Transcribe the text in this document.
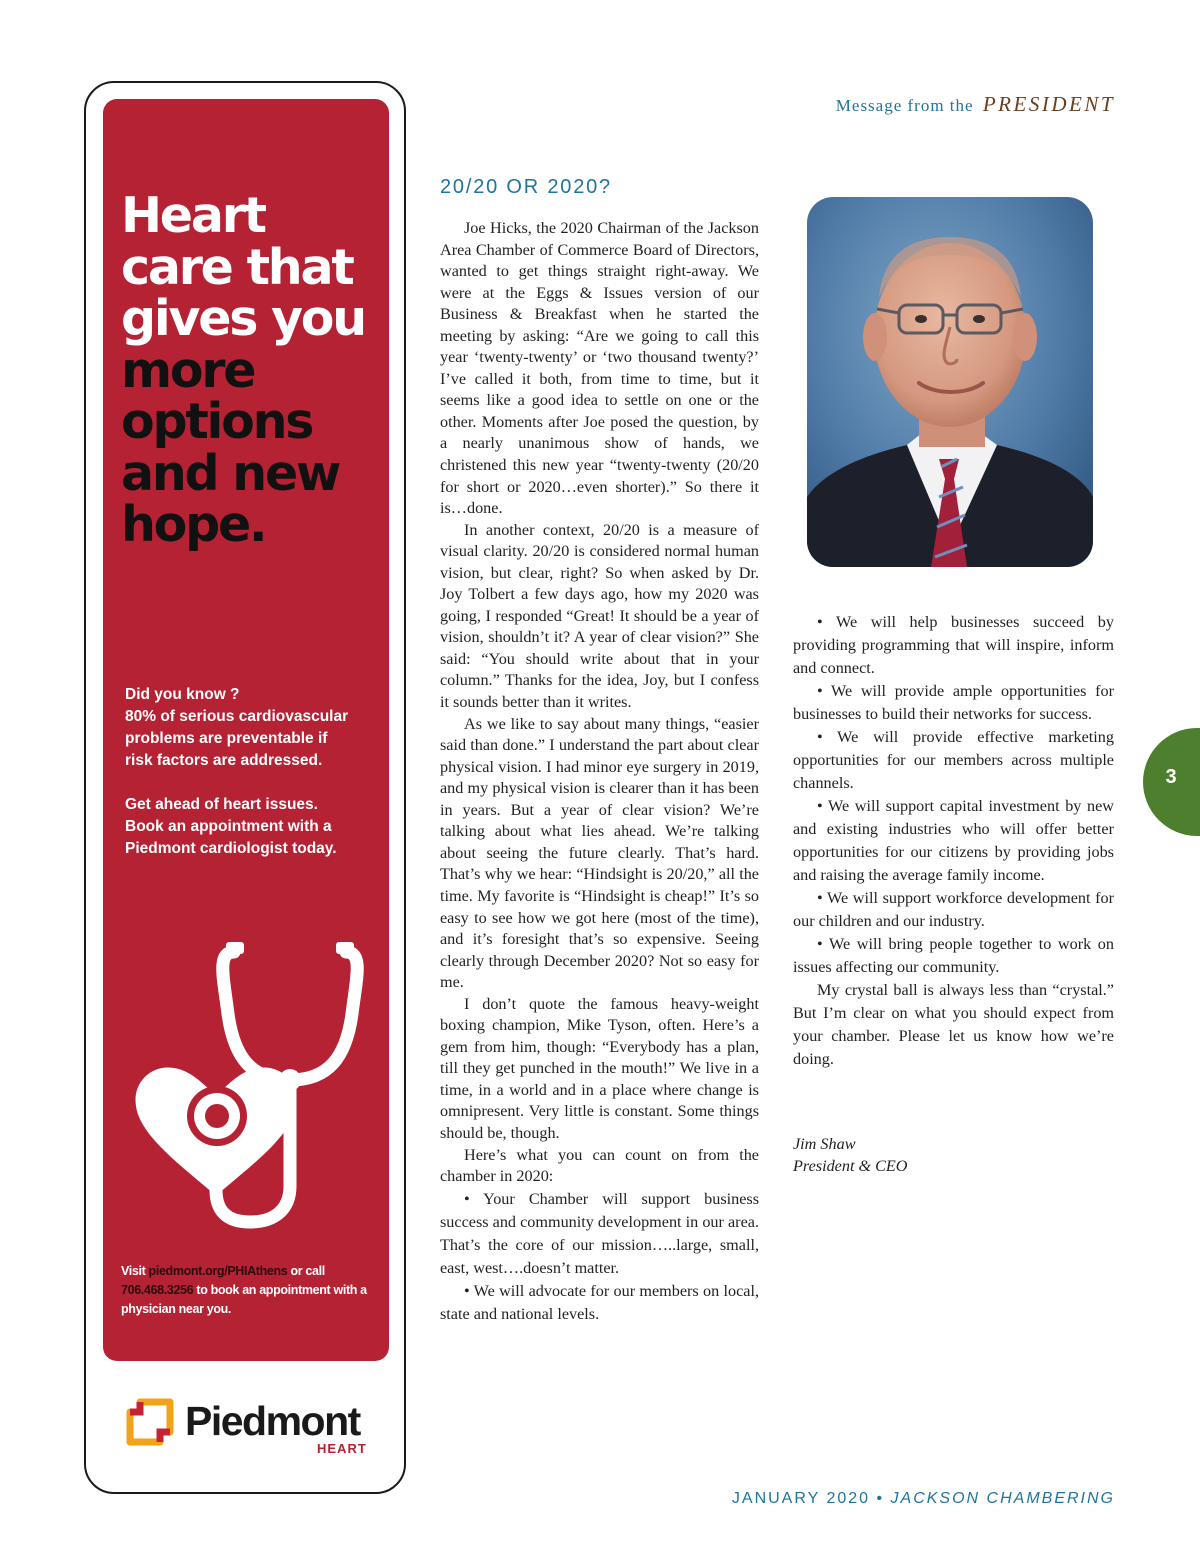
Message from the PRESIDENT
Heart
care that
gives you
more
options
and new
hope.

Did you know ?
80% of serious cardiovascular
problems are preventable if
risk factors are addressed.

Get ahead of heart issues.
Book an appointment with a
Piedmont cardiologist today.

Visit piedmont.org/PHIAthens or call 706.468.3256 to book an appointment with a physician near you.
Piedmont
HEART
20/20 OR 2020?

Joe Hicks, the 2020 Chairman of the Jackson Area Chamber of Commerce Board of Directors, wanted to get things straight right-away. We were at the Eggs & Issues version of our Business & Breakfast when he started the meeting by asking: “Are we going to call this year ‘twenty-twenty’ or ‘two thousand twenty?’ I’ve called it both, from time to time, but it seems like a good idea to settle on one or the other. Moments after Joe posed the question, by a nearly unanimous show of hands, we christened this new year “twenty-twenty (20/20 for short or 2020…even shorter).” So there it is…done.

In another context, 20/20 is a measure of visual clarity. 20/20 is considered normal human vision, but clear, right? So when asked by Dr. Joy Tolbert a few days ago, how my 2020 was going, I responded “Great! It should be a year of vision, shouldn’t it? A year of clear vision?” She said: “You should write about that in your column.” Thanks for the idea, Joy, but I confess it sounds better than it writes.

As we like to say about many things, “easier said than done.” I understand the part about clear physical vision. I had minor eye surgery in 2019, and my physical vision is clearer than it has been in years. But a year of clear vision? We’re talking about what lies ahead. We’re talking about seeing the future clearly. That’s hard. That’s why we hear: “Hindsight is 20/20,” all the time. My favorite is “Hindsight is cheap!” It’s so easy to see how we got here (most of the time), and it’s foresight that’s so expensive. Seeing clearly through December 2020? Not so easy for me.

I don’t quote the famous heavy-weight boxing champion, Mike Tyson, often. Here’s a gem from him, though: “Everybody has a plan, till they get punched in the mouth!” We live in a time, in a world and in a place where change is omnipresent. Very little is constant. Some things should be, though.

Here’s what you can count on from the chamber in 2020:

• Your Chamber will support business success and community development in our area. That’s the core of our mission…..large, small, east, west….doesn’t matter.

• We will advocate for our members on local, state and national levels.

• We will help businesses succeed by providing programming that will inspire, inform and connect.

• We will provide ample opportunities for businesses to build their networks for success.

• We will provide effective marketing opportunities for our members across multiple channels.

• We will support capital investment by new and existing industries who will offer better opportunities for our citizens by providing jobs and raising the average family income.

• We will support workforce development for our children and our industry.

• We will bring people together to work on issues affecting our community.

My crystal ball is always less than “crystal.” But I’m clear on what you should expect from your chamber. Please let us know how we’re doing.

Jim Shaw
President & CEO
3
JANUARY 2020 • JACKSON CHAMBERING
